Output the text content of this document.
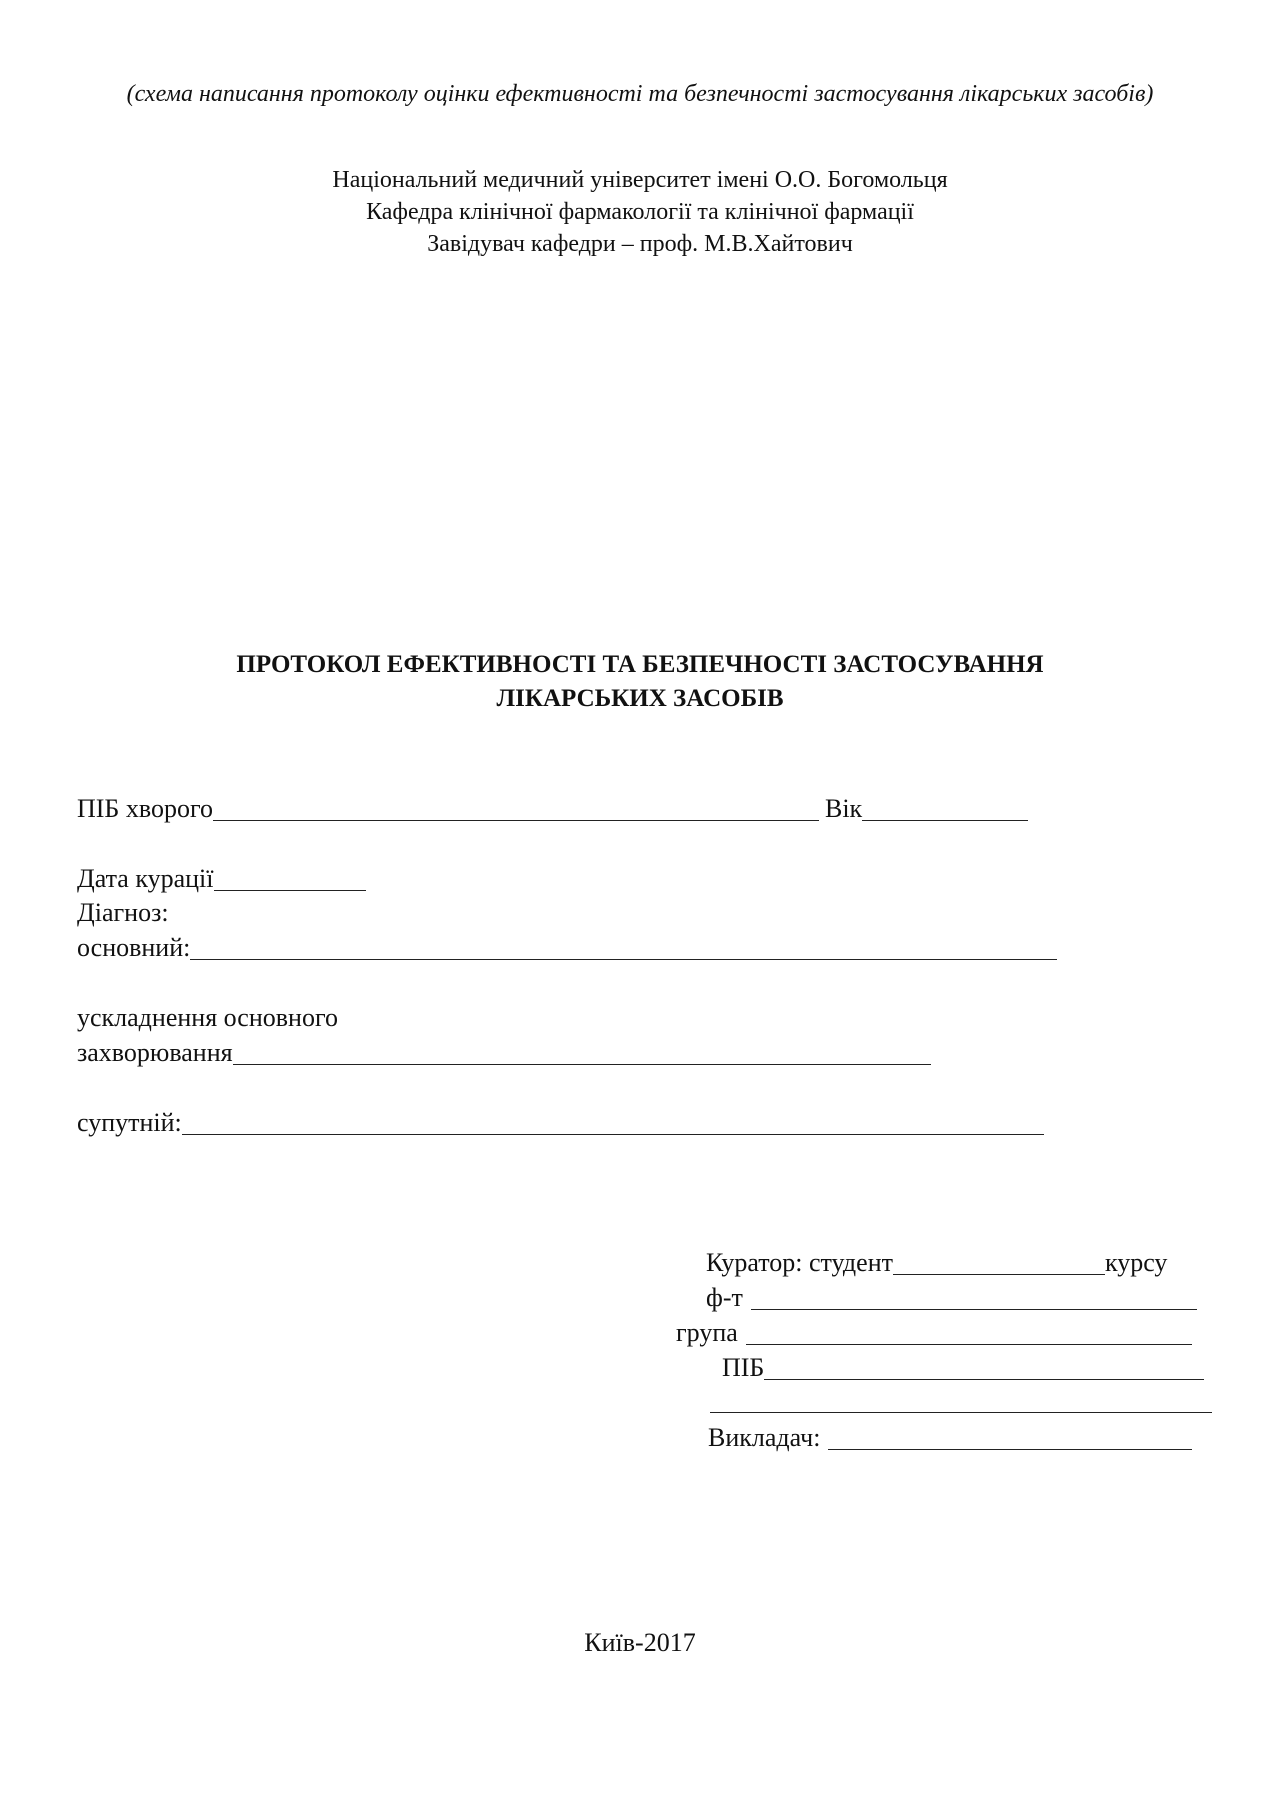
(схема написання протоколу оцінки ефективності та безпечності застосування лікарських засобів)
Національний медичний університет імені О.О. Богомольця
Кафедра клінічної фармакології та клінічної фармації
Завідувач кафедри – проф. М.В.Хайтович
ПРОТОКОЛ ЕФЕКТИВНОСТІ ТА БЕЗПЕЧНОСТІ ЗАСТОСУВАННЯ
ЛІКАРСЬКИХ ЗАСОБІВ
ПІБ хворого	Вік
Дата курації
Діагноз:
основний:
ускладнення основного
захворювання
супутній:
Куратор: студент	курсу
ф-т
група
ПІБ
Викладач:
Київ-2017
